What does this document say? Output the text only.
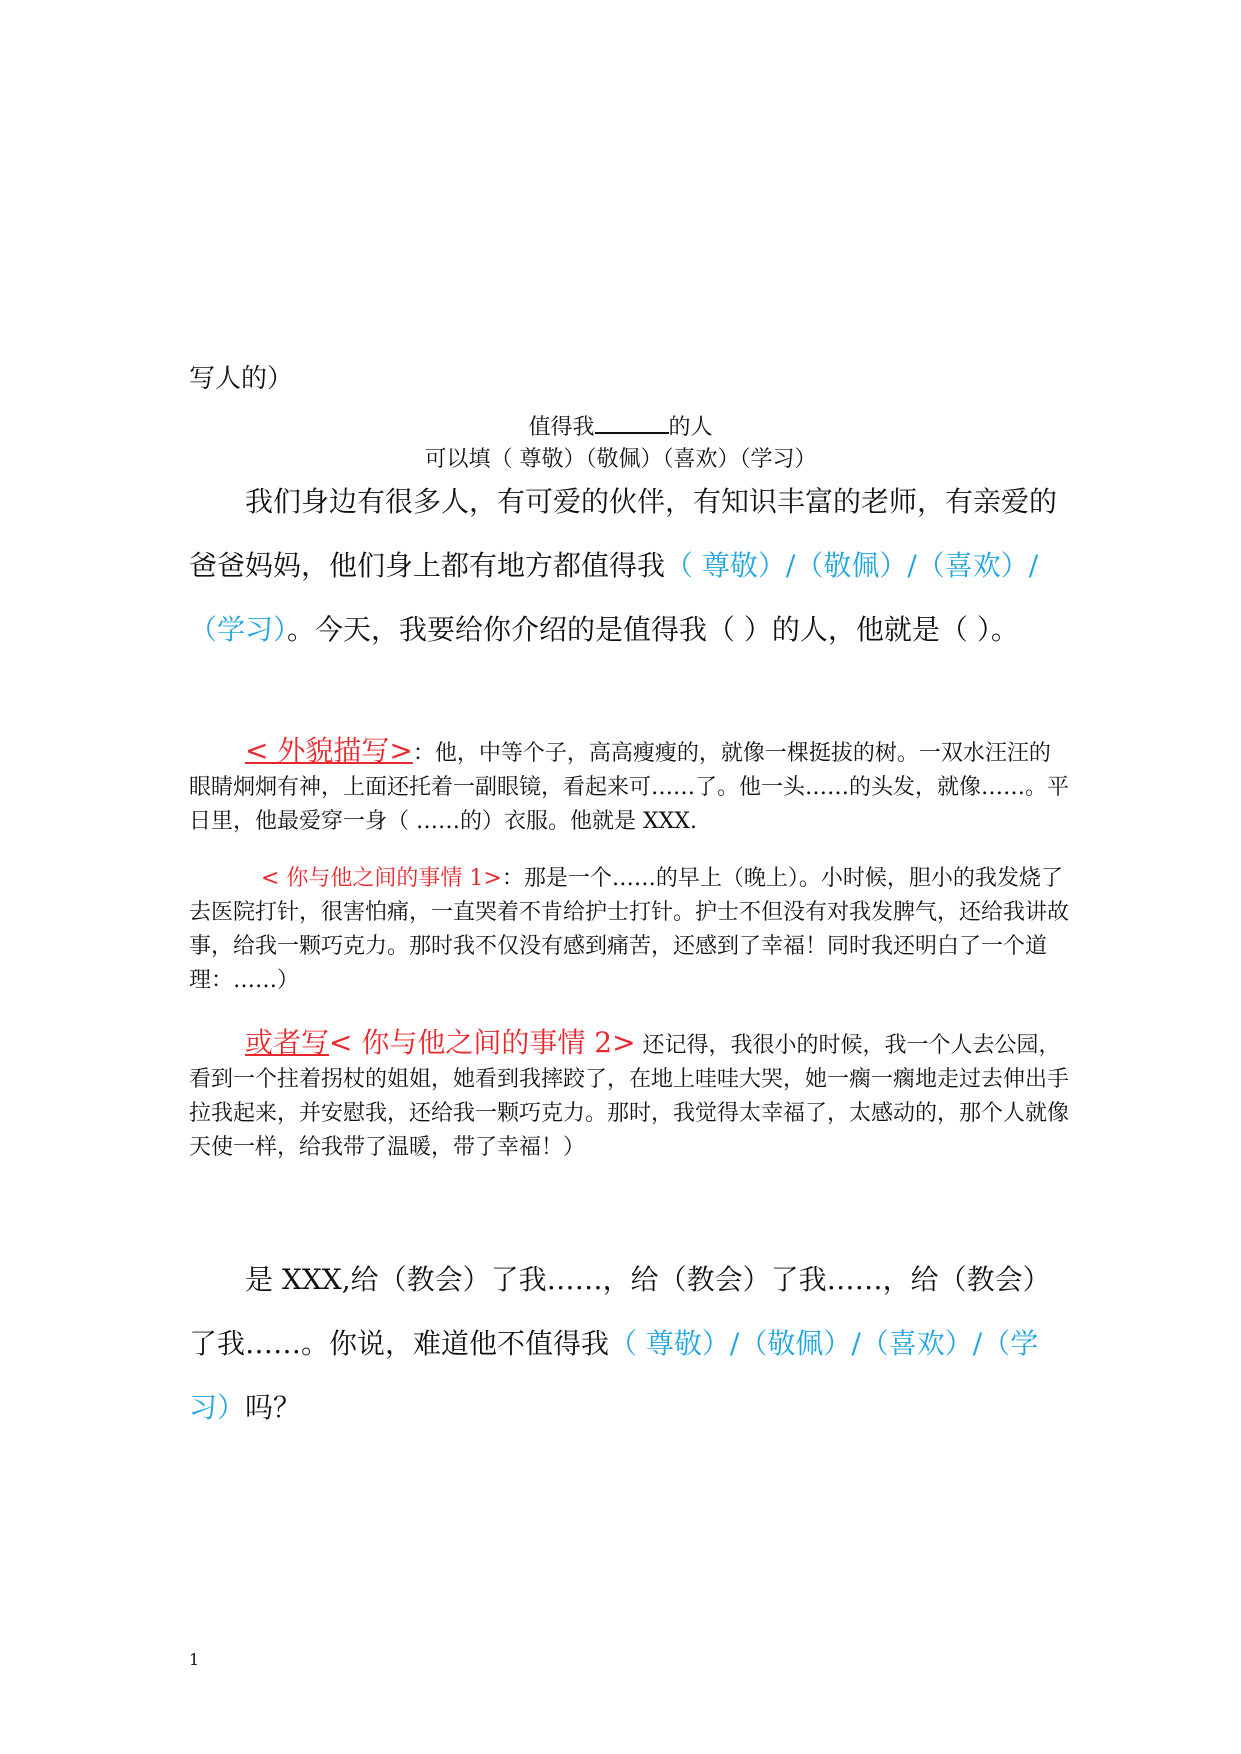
写人的）
值得我	的人
可以填（ 尊敬）（敬佩）（喜欢）（学习）
我们身边有很多人，有可爱的伙伴，有知识丰富的老师，有亲爱的爸爸妈妈，他们身上都有地方都值得我（ 尊敬）/（敬佩）/（喜欢）/（学习）。今天，我要给你介绍的是值得我（ ）的人，他就是（ ）。
< 外貌描写>：他，中等个子，高高瘦瘦的，就像一棵挺拔的树。一双水汪汪的眼睛炯炯有神，上面还托着一副眼镜，看起来可……了。他一头……的头发，就像……。平日里，他最爱穿一身（ ……的）衣服。他就是 XXX.
< 你与他之间的事情 1>：那是一个……的早上（晚上）。小时候，胆小的我发烧了去医院打针，很害怕痛，一直哭着不肯给护士打针。护士不但没有对我发脾气，还给我讲故事，给我一颗巧克力。那时我不仅没有感到痛苦，还感到了幸福！同时我还明白了一个道理：……）
或者写< 你与他之间的事情 2> 还记得，我很小的时候，我一个人去公园，看到一个拄着拐杖的姐姐，她看到我摔跤了，在地上哇哇大哭，她一瘸一瘸地走过去伸出手拉我起来，并安慰我，还给我一颗巧克力。那时，我觉得太幸福了，太感动的，那个人就像天使一样，给我带了温暖，带了幸福！）
是 XXX,给（教会）了我……，给（教会）了我……，给（教会）了我……。你说，难道他不值得我（ 尊敬）/（敬佩）/（喜欢）/（学习）吗？
1
